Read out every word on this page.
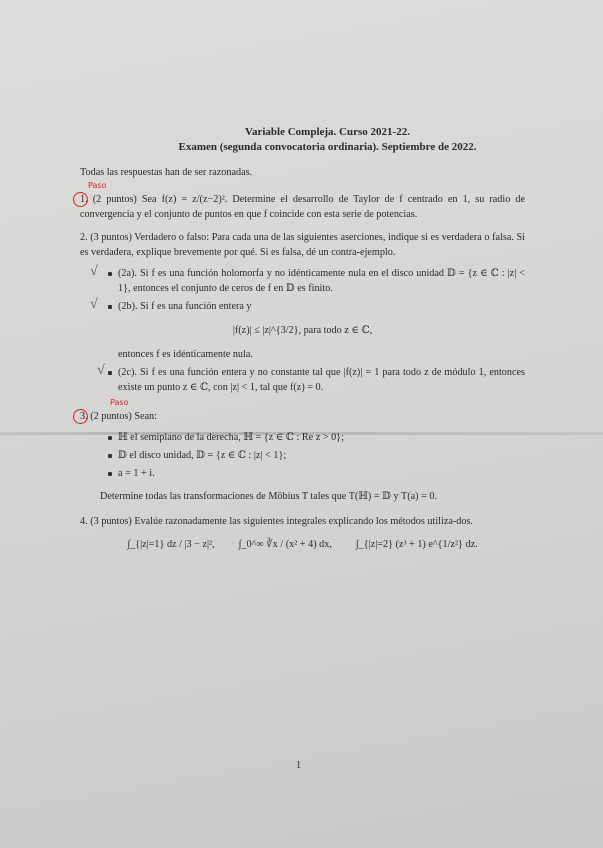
Variable Compleja. Curso 2021-22.
Examen (segunda convocatoria ordinaria). Septiembre de 2022.
Todas las respuestas han de ser razonadas.
Paso
1. (2 puntos) Sea f(z) = z/(z−2)². Determine el desarrollo de Taylor de f centrado en 1, su radio de convergencia y el conjunto de puntos en que f coincide con esta serie de potencias.
2. (3 puntos) Verdadero o falso: Para cada una de las siguientes aserciones, indique si es verdadera o falsa. Si es verdadera, explique brevemente por qué. Si es falsa, dé un contra-ejemplo.
√ (2a). Si f es una función holomorfa y no idénticamente nula en el disco unidad 𝔻 = {z ∈ ℂ : |z| < 1}, entonces el conjunto de ceros de f en 𝔻 es finito.
√ (2b). Si f es una función entera y
|f(z)| ≤ |z|^{3/2}, para todo z ∈ ℂ,
entonces f es idénticamente nula.
√ (2c). Si f es una función entera y no constante tal que |f(z)| = 1 para todo z de módulo 1, entonces existe un punto z ∈ ℂ, con |z| < 1, tal que f(z) = 0.
Paso
3. (2 puntos) Sean:
ℍ el semiplano de la derecha, ℍ = {z ∈ ℂ : Re z > 0};
𝔻 el disco unidad, 𝔻 = {z ∈ ℂ : |z| < 1};
a = 1 + i.
Determine todas las transformaciones de Möbius T tales que T(ℍ) = 𝔻 y T(a) = 0.
4. (3 puntos) Evalúe razonadamente las siguientes integrales explicando los métodos utiliza-dos.
∫_{|z|=1} dz / |3 − z|², ∫_0^∞ ∛x / (x² + 4) dx, ∫_{|z|=2} (z³ + 1) e^{1/z²} dz.
1
